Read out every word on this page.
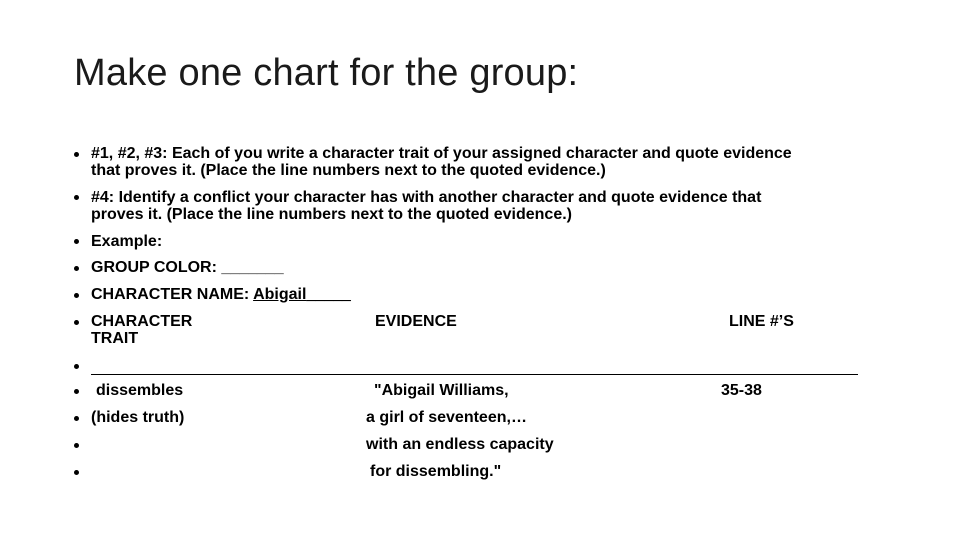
Make one chart for the group:
#1, #2, #3: Each of you write a character trait of your assigned character and quote evidence
that proves it. (Place the line numbers next to the quoted evidence.)
#4: Identify a conflict your character has with another character and quote evidence that
proves it. (Place the line numbers next to the quoted evidence.)
Example:
GROUP COLOR: _______
CHARACTER NAME: Abigail_____
CHARACTER
TRAIT
EVIDENCE	LINE #’S
dissembles
(hides truth)
"Abigail Williams,
a girl of seventeen,…
with an endless capacity
for dissembling."
35-38
